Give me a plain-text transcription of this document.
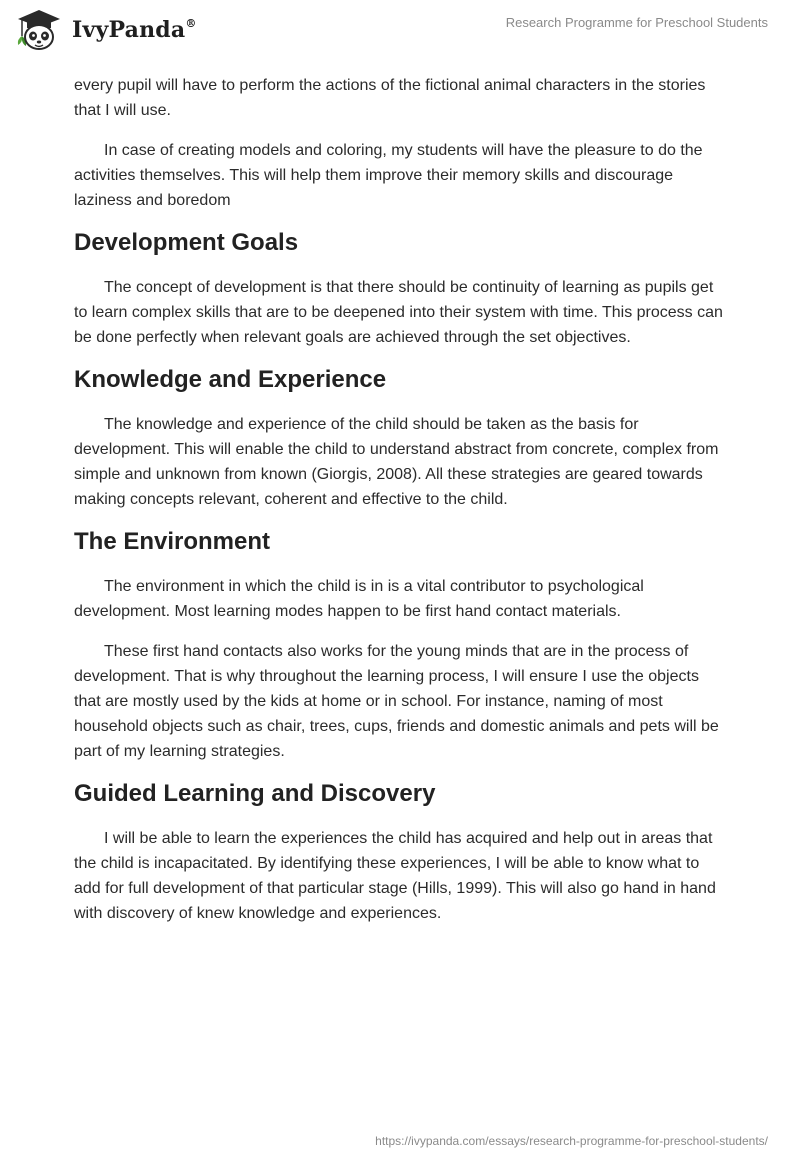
IvyPanda®	Research Programme for Preschool Students

every pupil will have to perform the actions of the fictional animal characters in the stories that I will use.

In case of creating models and coloring, my students will have the pleasure to do the activities themselves. This will help them improve their memory skills and discourage laziness and boredom

Development Goals

The concept of development is that there should be continuity of learning as pupils get to learn complex skills that are to be deepened into their system with time. This process can be done perfectly when relevant goals are achieved through the set objectives.

Knowledge and Experience

The knowledge and experience of the child should be taken as the basis for development. This will enable the child to understand abstract from concrete, complex from simple and unknown from known (Giorgis, 2008). All these strategies are geared towards making concepts relevant, coherent and effective to the child.

The Environment

The environment in which the child is in is a vital contributor to psychological development. Most learning modes happen to be first hand contact materials.

These first hand contacts also works for the young minds that are in the process of development. That is why throughout the learning process, I will ensure I use the objects that are mostly used by the kids at home or in school. For instance, naming of most household objects such as chair, trees, cups, friends and domestic animals and pets will be part of my learning strategies.

Guided Learning and Discovery

I will be able to learn the experiences the child has acquired and help out in areas that the child is incapacitated. By identifying these experiences, I will be able to know what to add for full development of that particular stage (Hills, 1999). This will also go hand in hand with discovery of knew knowledge and experiences.

https://ivypanda.com/essays/research-programme-for-preschool-students/
